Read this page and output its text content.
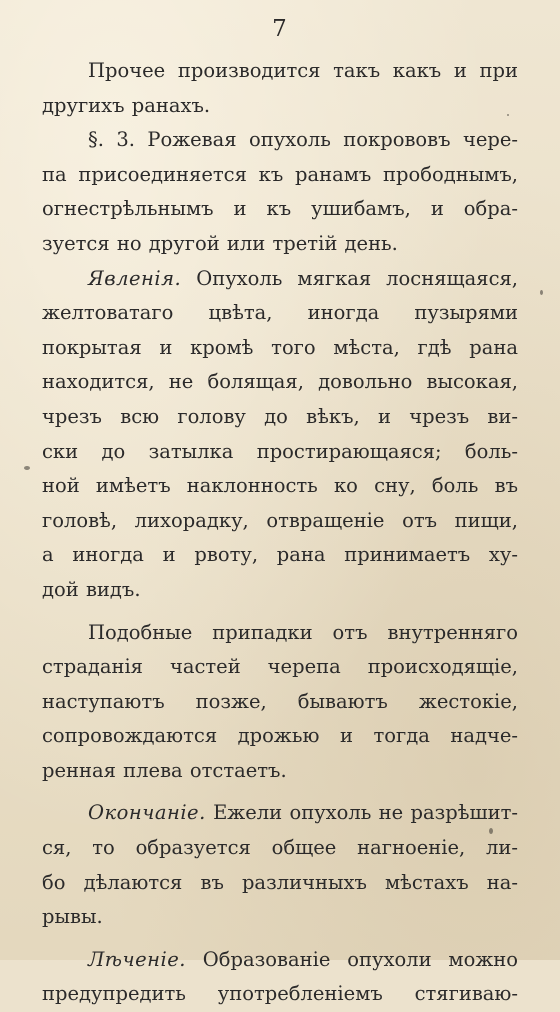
7
Прочее производится такъ какъ и при
другихъ ранахъ.
§. 3. Рожевая опухоль покрововъ чере-
па присоединяется къ ранамъ прободнымъ,
огнестрѣльнымъ и къ ушибамъ, и обра-
зуется но другой или третій день.
Явленія. Опухоль мягкая лоснящаяся,
желтоватаго цвѣта, иногда пузырями
покрытая и кромѣ того мѣста, гдѣ рана
находится, не болящая, довольно высокая,
чрезъ всю голову до вѣкъ, и чрезъ ви-
ски до затылка простирающаяся; боль-
ной имѣетъ наклонность ко сну, боль въ
головѣ, лихорадку, отвращеніе отъ пищи,
а иногда и рвоту, рана принимаетъ ху-
дой видъ.
Подобные припадки отъ внутренняго
страданія частей черепа происходящіе,
наступаютъ позже, бываютъ жестокіе,
сопровождаются дрожью и тогда надче-
ренная плева отстаетъ.
Окончаніе. Ежели опухоль не разрѣшит-
ся, то образуется общее нагноеніе, ли-
бо дѣлаются въ различныхъ мѣстахъ на-
рывы.
Лѣченіе. Образованіе опухоли можно
предупредить употребленіемъ стягиваю-
